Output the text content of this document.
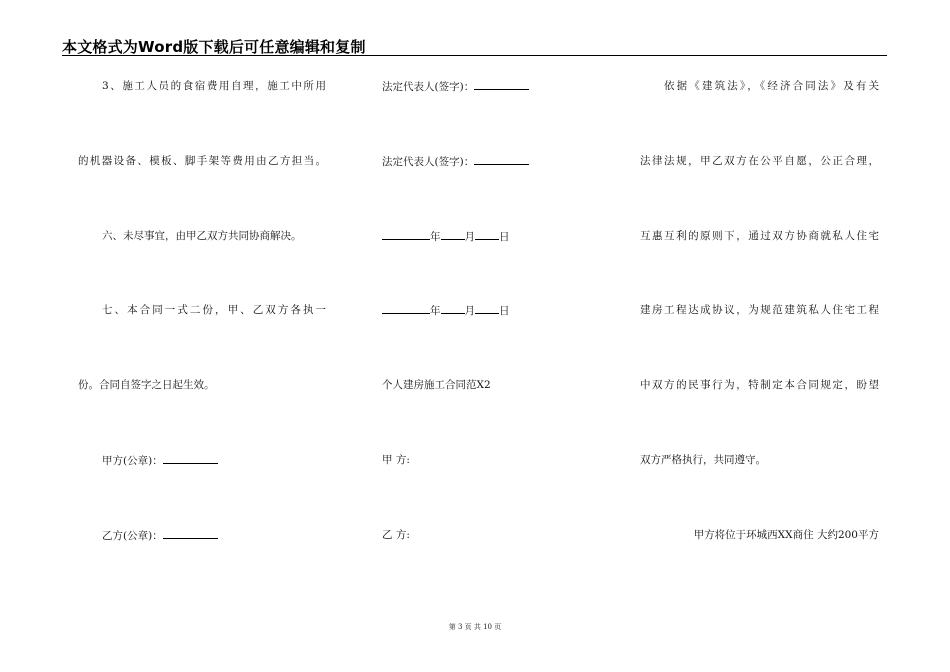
本文格式为Word版下载后可任意编辑和复制
3、施工人员的食宿费用自理，施工中所用
的机器设备、模板、脚手架等费用由乙方担当。
六、未尽事宜，由甲乙双方共同协商解决。
七、本合同一式二份，甲、乙双方各执一
份。合同自签字之日起生效。
甲方(公章)：
乙方(公章)：
法定代表人(签字)：
法定代表人(签字)：
年 月 日
年 月 日
个人建房施工合同范X2
甲 方:
乙 方:
依据《建筑法》，《经济合同法》及有关
法律法规，甲乙双方在公平自愿，公正合理，
互惠互利的原则下，通过双方协商就私人住宅
建房工程达成协议，为规范建筑私人住宅工程
中双方的民事行为，特制定本合同规定，盼望
双方严格执行，共同遵守。
甲方将位于环城西XX商住 大约200平方
第 3 页 共 10 页
